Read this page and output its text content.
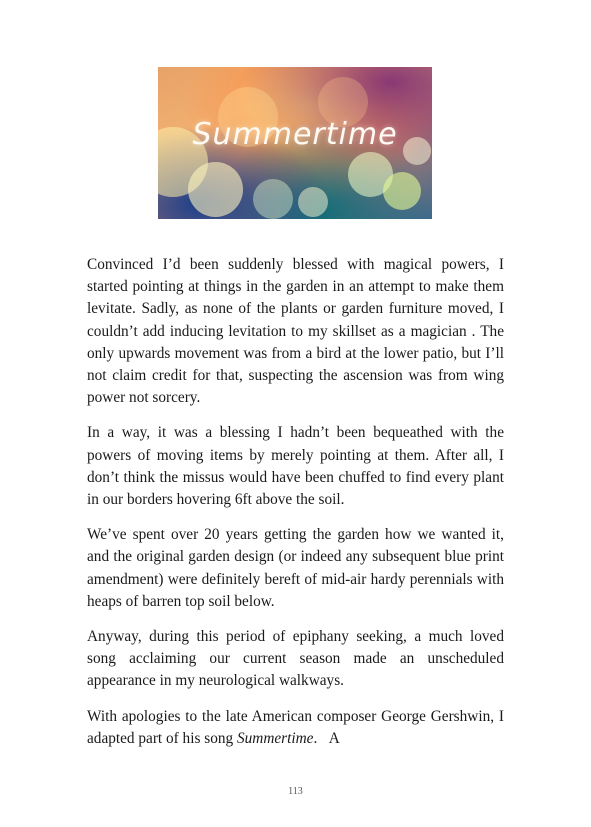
Summertime

Convinced I’d been suddenly blessed with magical powers, I started pointing at things in the garden in an attempt to make them levitate. Sadly, as none of the plants or garden furniture moved, I couldn’t add inducing levitation to my skillset as a magician . The only upwards movement was from a bird at the lower patio, but I’ll not claim credit for that, suspecting the ascension was from wing power not sorcery.

In a way, it was a blessing I hadn’t been bequeathed with the powers of moving items by merely pointing at them. After all, I don’t think the missus would have been chuffed to find every plant in our borders hovering 6ft above the soil.

We’ve spent over 20 years getting the garden how we wanted it, and the original garden design (or indeed any subsequent blue print amendment) were definitely bereft of mid-air hardy perennials with heaps of barren top soil below.

Anyway, during this period of epiphany seeking, a much loved song acclaiming our current season made an unscheduled appearance in my neurological walkways.

With apologies to the late American composer George Gershwin, I adapted part of his song Summertime.   A

113
